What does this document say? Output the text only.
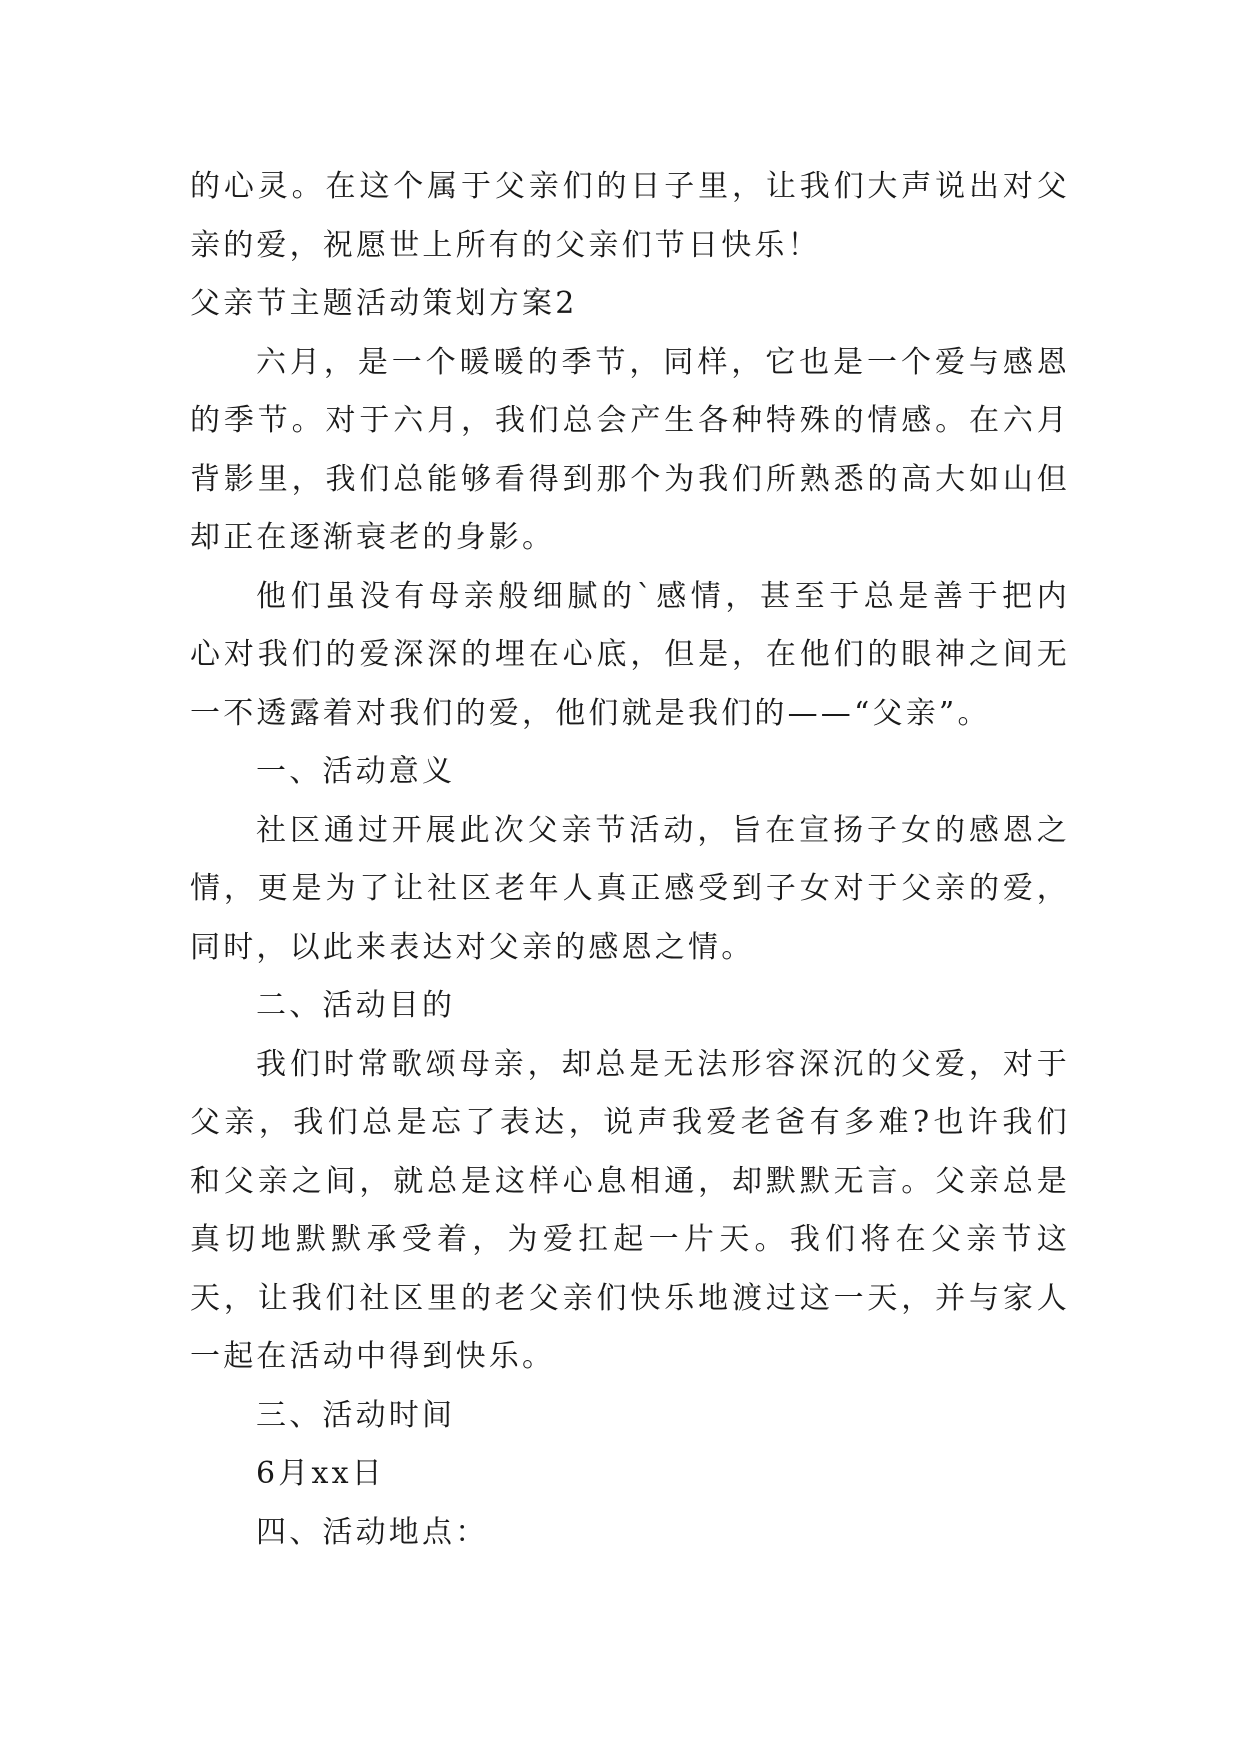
的心灵。在这个属于父亲们的日子里，让我们大声说出对父亲的爱，祝愿世上所有的父亲们节日快乐！

父亲节主题活动策划方案2

六月，是一个暖暖的季节，同样，它也是一个爱与感恩的季节。对于六月，我们总会产生各种特殊的情感。在六月背影里，我们总能够看得到那个为我们所熟悉的高大如山但却正在逐渐衰老的身影。

他们虽没有母亲般细腻的`感情，甚至于总是善于把内心对我们的爱深深的埋在心底，但是，在他们的眼神之间无一不透露着对我们的爱，他们就是我们的——“父亲”。

一、活动意义

社区通过开展此次父亲节活动，旨在宣扬子女的感恩之情，更是为了让社区老年人真正感受到子女对于父亲的爱，同时，以此来表达对父亲的感恩之情。

二、活动目的

我们时常歌颂母亲，却总是无法形容深沉的父爱，对于父亲，我们总是忘了表达，说声我爱老爸有多难?也许我们和父亲之间，就总是这样心息相通，却默默无言。父亲总是真切地默默承受着，为爱扛起一片天。我们将在父亲节这天，让我们社区里的老父亲们快乐地渡过这一天，并与家人一起在活动中得到快乐。

三、活动时间

6月xx日

四、活动地点：
